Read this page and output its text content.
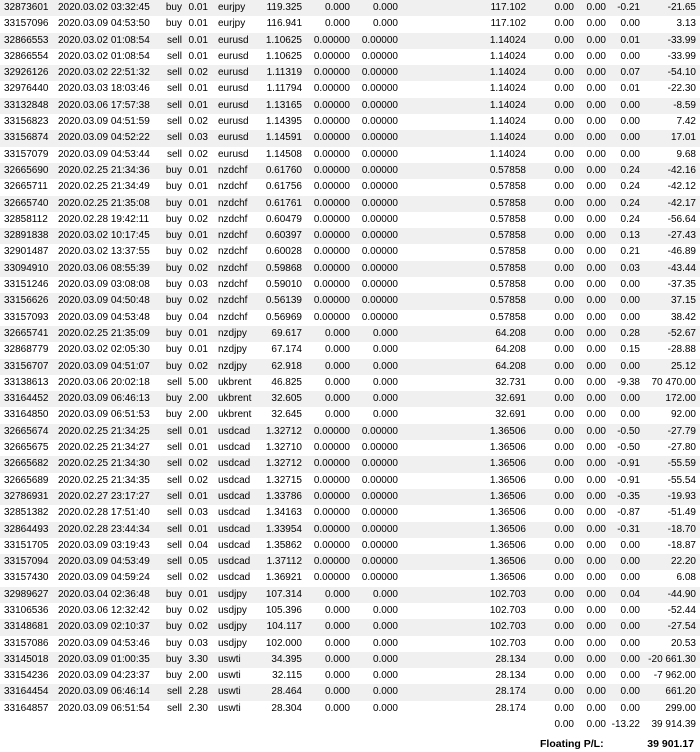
32873601	2020.03.02 03:32:45	buy	0.01		eurjpy	119.325	0.000	0.000		117.102	0.00	0.00	-0.21	-21.65
33157096	2020.03.09 04:53:50	buy	0.01		eurjpy	116.941	0.000	0.000		117.102	0.00	0.00	0.00	3.13
32866553	2020.03.02 01:08:54	sell	0.01		eurusd	1.10625	0.00000	0.00000		1.14024	0.00	0.00	0.01	-33.99
32866554	2020.03.02 01:08:54	sell	0.01		eurusd	1.10625	0.00000	0.00000		1.14024	0.00	0.00	0.00	-33.99
32926126	2020.03.02 22:51:32	sell	0.02		eurusd	1.11319	0.00000	0.00000		1.14024	0.00	0.00	0.07	-54.10
32976440	2020.03.03 18:03:46	sell	0.01		eurusd	1.11794	0.00000	0.00000		1.14024	0.00	0.00	0.01	-22.30
33132848	2020.03.06 17:57:38	sell	0.01		eurusd	1.13165	0.00000	0.00000		1.14024	0.00	0.00	0.00	-8.59
33156823	2020.03.09 04:51:59	sell	0.02		eurusd	1.14395	0.00000	0.00000		1.14024	0.00	0.00	0.00	7.42
33156874	2020.03.09 04:52:22	sell	0.03		eurusd	1.14591	0.00000	0.00000		1.14024	0.00	0.00	0.00	17.01
33157079	2020.03.09 04:53:44	sell	0.02		eurusd	1.14508	0.00000	0.00000		1.14024	0.00	0.00	0.00	9.68
32665690	2020.02.25 21:34:36	buy	0.01		nzdchf	0.61760	0.00000	0.00000		0.57858	0.00	0.00	0.24	-42.16
32665711	2020.02.25 21:34:49	buy	0.01		nzdchf	0.61756	0.00000	0.00000		0.57858	0.00	0.00	0.24	-42.12
32665740	2020.02.25 21:35:08	buy	0.01		nzdchf	0.61761	0.00000	0.00000		0.57858	0.00	0.00	0.24	-42.17
32858112	2020.02.28 19:42:11	buy	0.02		nzdchf	0.60479	0.00000	0.00000		0.57858	0.00	0.00	0.24	-56.64
32891838	2020.03.02 10:17:45	buy	0.01		nzdchf	0.60397	0.00000	0.00000		0.57858	0.00	0.00	0.13	-27.43
32901487	2020.03.02 13:37:55	buy	0.02		nzdchf	0.60028	0.00000	0.00000		0.57858	0.00	0.00	0.21	-46.89
33094910	2020.03.06 08:55:39	buy	0.02		nzdchf	0.59868	0.00000	0.00000		0.57858	0.00	0.00	0.03	-43.44
33151246	2020.03.09 03:08:08	buy	0.03		nzdchf	0.59010	0.00000	0.00000		0.57858	0.00	0.00	0.00	-37.35
33156626	2020.03.09 04:50:48	buy	0.02		nzdchf	0.56139	0.00000	0.00000		0.57858	0.00	0.00	0.00	37.15
33157093	2020.03.09 04:53:48	buy	0.04		nzdchf	0.56969	0.00000	0.00000		0.57858	0.00	0.00	0.00	38.42
32665741	2020.02.25 21:35:09	buy	0.01		nzdjpy	69.617	0.000	0.000		64.208	0.00	0.00	0.28	-52.67
32868779	2020.03.02 02:05:30	buy	0.01		nzdjpy	67.174	0.000	0.000		64.208	0.00	0.00	0.15	-28.88
33156707	2020.03.09 04:51:07	buy	0.02		nzdjpy	62.918	0.000	0.000		64.208	0.00	0.00	0.00	25.12
33138613	2020.03.06 20:02:18	sell	5.00		ukbrent	46.825	0.000	0.000		32.731	0.00	0.00	-9.38	70 470.00
33164452	2020.03.09 06:46:13	buy	2.00		ukbrent	32.605	0.000	0.000		32.691	0.00	0.00	0.00	172.00
33164850	2020.03.09 06:51:53	buy	2.00		ukbrent	32.645	0.000	0.000		32.691	0.00	0.00	0.00	92.00
32665674	2020.02.25 21:34:25	sell	0.01		usdcad	1.32712	0.00000	0.00000		1.36506	0.00	0.00	-0.50	-27.79
32665675	2020.02.25 21:34:27	sell	0.01		usdcad	1.32710	0.00000	0.00000		1.36506	0.00	0.00	-0.50	-27.80
32665682	2020.02.25 21:34:30	sell	0.02		usdcad	1.32712	0.00000	0.00000		1.36506	0.00	0.00	-0.91	-55.59
32665689	2020.02.25 21:34:35	sell	0.02		usdcad	1.32715	0.00000	0.00000		1.36506	0.00	0.00	-0.91	-55.54
32786931	2020.02.27 23:17:27	sell	0.01		usdcad	1.33786	0.00000	0.00000		1.36506	0.00	0.00	-0.35	-19.93
32851382	2020.02.28 17:51:40	sell	0.03		usdcad	1.34163	0.00000	0.00000		1.36506	0.00	0.00	-0.87	-51.49
32864493	2020.02.28 23:44:34	sell	0.01		usdcad	1.33954	0.00000	0.00000		1.36506	0.00	0.00	-0.31	-18.70
33151705	2020.03.09 03:19:43	sell	0.04		usdcad	1.35862	0.00000	0.00000		1.36506	0.00	0.00	0.00	-18.87
33157094	2020.03.09 04:53:49	sell	0.05		usdcad	1.37112	0.00000	0.00000		1.36506	0.00	0.00	0.00	22.20
33157430	2020.03.09 04:59:24	sell	0.02		usdcad	1.36921	0.00000	0.00000		1.36506	0.00	0.00	0.00	6.08
32989627	2020.03.04 02:36:48	buy	0.01		usdjpy	107.314	0.000	0.000		102.703	0.00	0.00	0.04	-44.90
33106536	2020.03.06 12:32:42	buy	0.02		usdjpy	105.396	0.000	0.000		102.703	0.00	0.00	0.00	-52.44
33148681	2020.03.09 02:10:37	buy	0.02		usdjpy	104.117	0.000	0.000		102.703	0.00	0.00	0.00	-27.54
33157086	2020.03.09 04:53:46	buy	0.03		usdjpy	102.000	0.000	0.000		102.703	0.00	0.00	0.00	20.53
33145018	2020.03.09 01:00:35	buy	3.30		uswti	34.395	0.000	0.000		28.134	0.00	0.00	0.00	-20 661.30
33154236	2020.03.09 04:23:37	buy	2.00		uswti	32.115	0.000	0.000		28.134	0.00	0.00	0.00	-7 962.00
33164454	2020.03.09 06:46:14	sell	2.28		uswti	28.464	0.000	0.000		28.174	0.00	0.00	0.00	661.20
33164857	2020.03.09 06:51:54	sell	2.30		uswti	28.304	0.000	0.000		28.174	0.00	0.00	0.00	299.00
											0.00	0.00	-13.22	39 914.39
Floating P/L:	39 901.17
